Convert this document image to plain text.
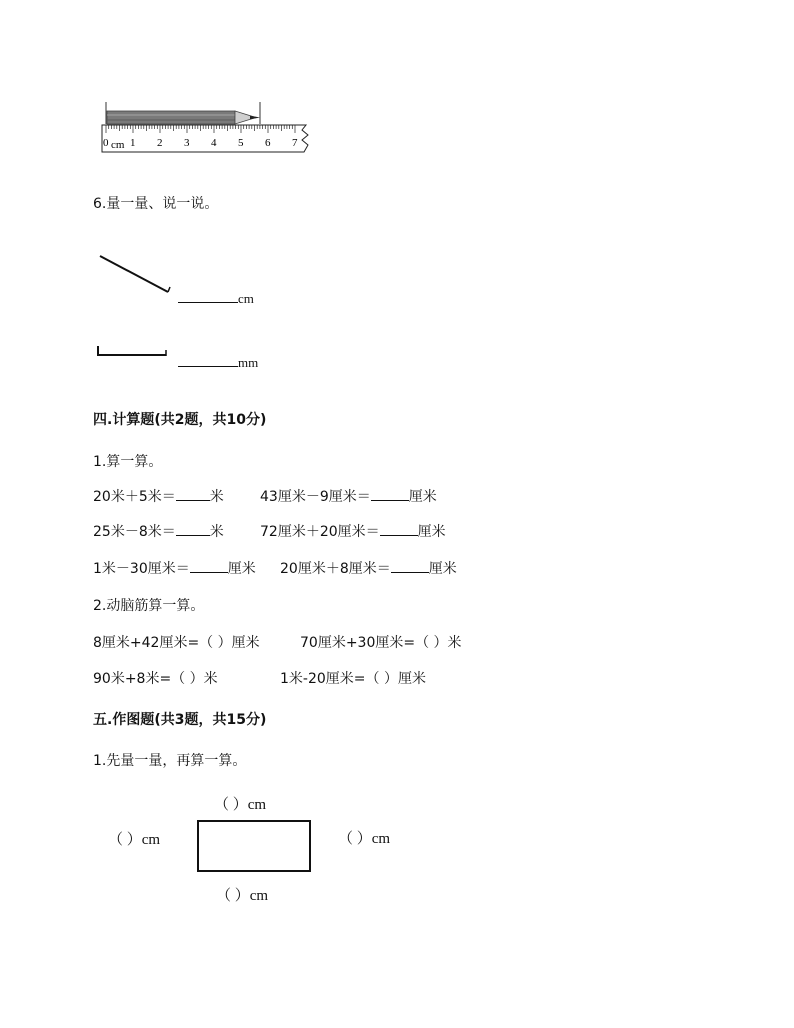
0 cm 1 2 3 4 5 6 7
6.量一量、说一说。
cm
mm
四.计算题(共2题，共10分)
1.算一算。
20米＋5米＝ 米	43厘米－9厘米＝	厘米
25米－8米＝ 米	72厘米＋20厘米＝	厘米
1米－30厘米＝	厘米 20厘米＋8厘米＝	厘米
2.动脑筋算一算。
8厘米+42厘米=（ ）厘米	70厘米+30厘米=（ ）米
90米+8米=（ ）米	1米-20厘米=（ ）厘米
五.作图题(共3题，共15分)
1.先量一量，再算一算。
（ ）cm
（ ）cm	（ ）cm
（ ）cm
